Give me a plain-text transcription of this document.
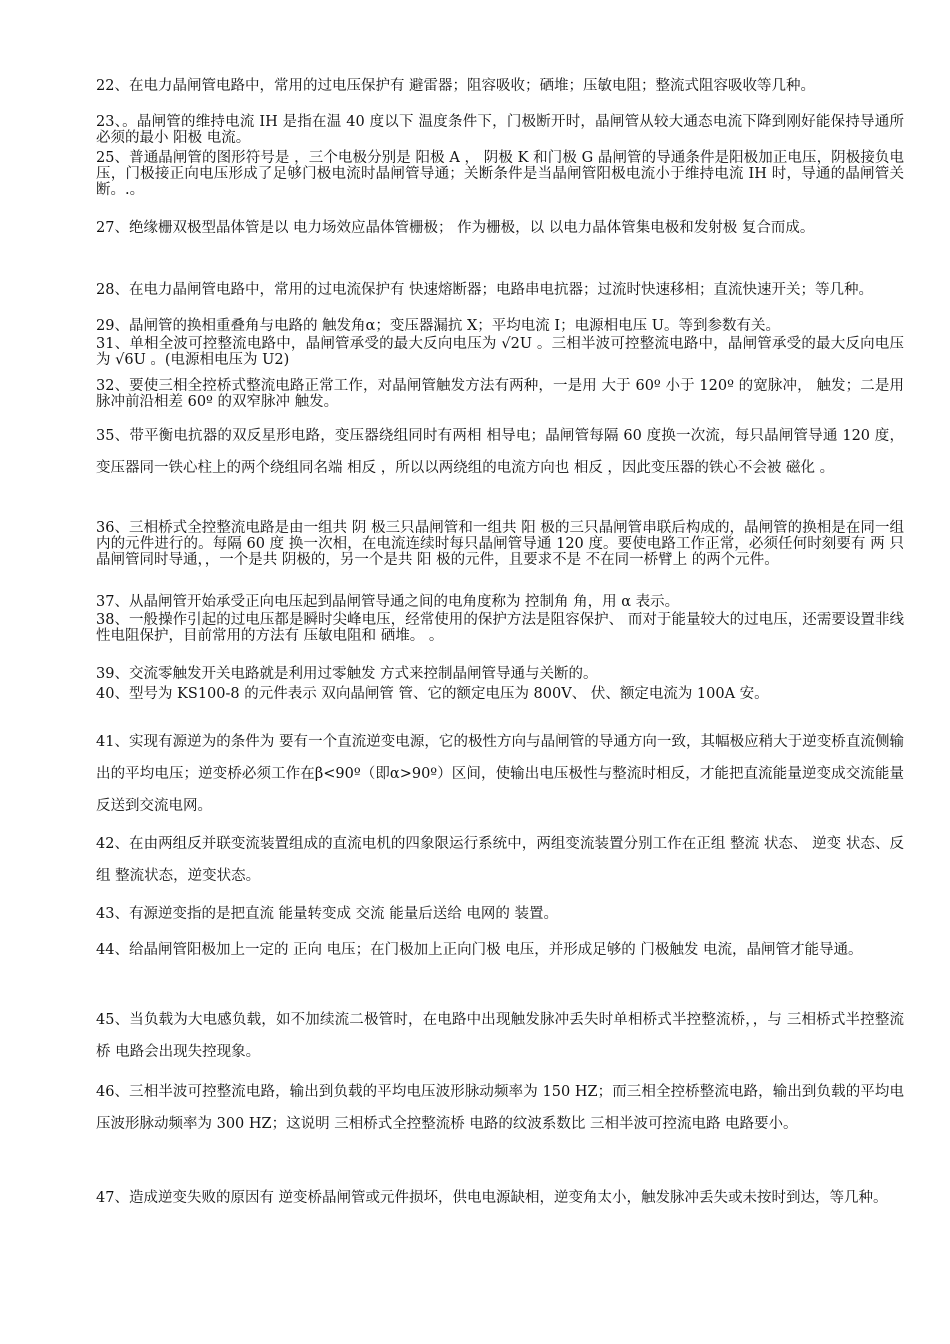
22、在电力晶闸管电路中，常用的过电压保护有 避雷器；阻容吸收；硒堆；压敏电阻；整流式阻容吸收等几种。
23、。晶闸管的维持电流 IH 是指在温 40 度以下 温度条件下，门极断开时，晶闸管从较大通态电流下降到刚好能保持导通所必须的最小 阳极 电流。
25、普通晶闸管的图形符号是 ，三个电极分别是 阳极 A ， 阴极 K 和门极 G 晶闸管的导通条件是阳极加正电压，阴极接负电压，门极接正向电压形成了足够门极电流时晶闸管导通；关断条件是当晶闸管阳极电流小于维持电流 IH 时，导通的晶闸管关断。.。
27、绝缘栅双极型晶体管是以 电力场效应晶体管栅极； 作为栅极，以 以电力晶体管集电极和发射极 复合而成。
28、在电力晶闸管电路中，常用的过电流保护有 快速熔断器；电路串电抗器；过流时快速移相；直流快速开关；等几种。
29、晶闸管的换相重叠角与电路的 触发角α；变压器漏抗 X；平均电流 I；电源相电压 U。等到参数有关。
31、单相全波可控整流电路中，晶闸管承受的最大反向电压为 √2U 。三相半波可控整流电路中，晶闸管承受的最大反向电压为 √6U 。(电源相电压为 U2)
32、要使三相全控桥式整流电路正常工作，对晶闸管触发方法有两种，一是用 大于 60º 小于 120º 的宽脉冲， 触发；二是用 脉冲前沿相差 60º 的双窄脉冲 触发。
35、带平衡电抗器的双反星形电路，变压器绕组同时有两相 相导电；晶闸管每隔 60 度换一次流，每只晶闸管导通 120 度，变压器同一铁心柱上的两个绕组同名端 相反 ，所以以两绕组的电流方向也 相反 ，因此变压器的铁心不会被 磁化 。
36、三相桥式全控整流电路是由一组共 阴 极三只晶闸管和一组共 阳 极的三只晶闸管串联后构成的，晶闸管的换相是在同一组内的元件进行的。每隔 60 度 换一次相，在电流连续时每只晶闸管导通 120 度。要使电路工作正常，必须任何时刻要有 两 只晶闸管同时导通，，一个是共 阴极的，另一个是共 阳 极的元件，且要求不是 不在同一桥臂上 的两个元件。
37、从晶闸管开始承受正向电压起到晶闸管导通之间的电角度称为 控制角 角，用 α 表示。
38、一般操作引起的过电压都是瞬时尖峰电压，经常使用的保护方法是阻容保护、 而对于能量较大的过电压，还需要设置非线性电阻保护，目前常用的方法有 压敏电阻和 硒堆。 。
39、交流零触发开关电路就是利用过零触发 方式来控制晶闸管导通与关断的。
40、型号为 KS100-8 的元件表示 双向晶闸管 管、它的额定电压为 800V、 伏、额定电流为 100A 安。
41、实现有源逆为的条件为 要有一个直流逆变电源，它的极性方向与晶闸管的导通方向一致，其幅极应稍大于逆变桥直流侧输出的平均电压；逆变桥必须工作在β<90º（即α>90º）区间，使输出电压极性与整流时相反，才能把直流能量逆变成交流能量反送到交流电网。
42、在由两组反并联变流装置组成的直流电机的四象限运行系统中，两组变流装置分别工作在正组 整流 状态、 逆变 状态、反组 整流状态，逆变状态。
43、有源逆变指的是把直流 能量转变成 交流 能量后送给 电网的 装置。
44、给晶闸管阳极加上一定的 正向 电压；在门极加上正向门极 电压，并形成足够的 门极触发 电流，晶闸管才能导通。
45、当负载为大电感负载，如不加续流二极管时，在电路中出现触发脉冲丢失时单相桥式半控整流桥，，与 三相桥式半控整流桥 电路会出现失控现象。
46、三相半波可控整流电路，输出到负载的平均电压波形脉动频率为 150 HZ；而三相全控桥整流电路，输出到负载的平均电压波形脉动频率为 300 HZ；这说明 三相桥式全控整流桥 电路的纹波系数比 三相半波可控流电路 电路要小。
47、造成逆变失败的原因有 逆变桥晶闸管或元件损坏，供电电源缺相，逆变角太小，触发脉冲丢失或未按时到达，等几种。
